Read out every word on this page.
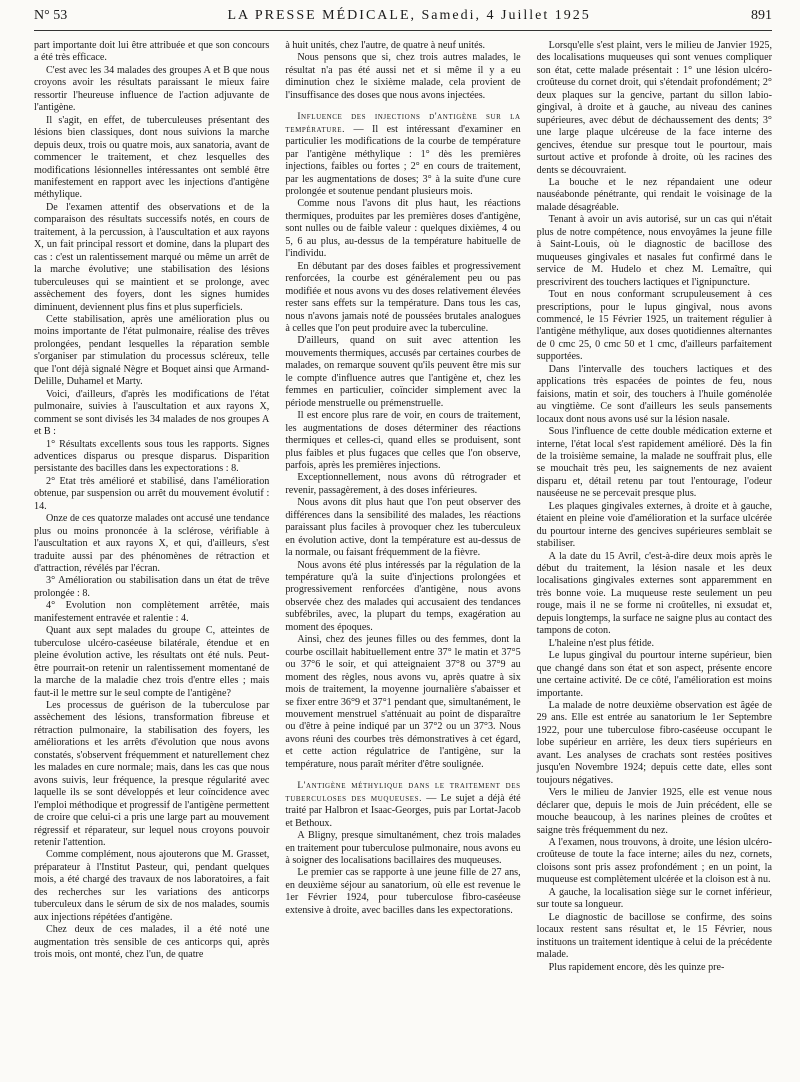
N° 53	LA PRESSE MÉDICALE, Samedi, 4 Juillet 1925	891

part importante doit lui être attribuée et que son concours a été très efficace.

C'est avec les 34 malades des groupes A et B que nous croyons avoir les résultats paraissant le mieux faire ressortir l'heureuse influence de l'action adjuvante de l'antigène.

Il s'agit, en effet, de tuberculeuses présentant des lésions bien classiques, dont nous suivions la marche depuis deux, trois ou quatre mois, aux sanatoria, avant de commencer le traitement, et chez lesquelles des modifications lésionnelles intéressantes ont semblé être manifestement en rapport avec les injections d'antigène méthylique.

De l'examen attentif des observations et de la comparaison des résultats successifs notés, en cours de traitement, à la percussion, à l'auscultation et aux rayons X, un fait principal ressort et domine, dans la plupart des cas : c'est un ralentissement marqué ou même un arrêt de la marche évolutive; une stabilisation des lésions tuberculeuses qui se maintient et se prolonge, avec assèchement des foyers, dont les signes humides diminuent, deviennent plus fins et plus superficiels.

Cette stabilisation, après une amélioration plus ou moins importante de l'état pulmonaire, réalise des trêves prolongées, pendant lesquelles la réparation semble s'organiser par stimulation du processus scléreux, telle que l'ont déjà signalé Nègre et Boquet ainsi que Armand-Delille, Duhamel et Marty.

Voici, d'ailleurs, d'après les modifications de l'état pulmonaire, suivies à l'auscultation et aux rayons X, comment se sont divisés les 34 malades de nos groupes A et B :

1° Résultats excellents sous tous les rapports. Signes adventices disparus ou presque disparus. Disparition persistante des bacilles dans les expectorations : 8.

2° Etat très amélioré et stabilisé, dans l'amélioration obtenue, par suspension ou arrêt du mouvement évolutif : 14.

Onze de ces quatorze malades ont accusé une tendance plus ou moins prononcée à la sclérose, vérifiable à l'auscultation et aux rayons X, et qui, d'ailleurs, s'est traduite aussi par des phénomènes de rétraction et d'attraction, révélés par l'écran.

3° Amélioration ou stabilisation dans un état de trêve prolongée : 8.

4° Evolution non complètement arrêtée, mais manifestement entravée et ralentie : 4.

Quant aux sept malades du groupe C, atteintes de tuberculose ulcéro-caséeuse bilatérale, étendue et en pleine évolution active, les résultats ont été nuls. Peut-être pourrait-on retenir un ralentissement momentané de la marche de la maladie chez trois d'entre elles ; mais faut-il le mettre sur le seul compte de l'antigène?

Les processus de guérison de la tuberculose par assèchement des lésions, transformation fibreuse et rétraction pulmonaire, la stabilisation des foyers, les améliorations et les arrêts d'évolution que nous avons constatés, s'observent fréquemment et naturellement chez les malades en cure normale; mais, dans les cas que nous avons suivis, leur fréquence, la presque régularité avec laquelle ils se sont développés et leur coïncidence avec l'emploi méthodique et progressif de l'antigène permettent de croire que celui-ci a pris une large part au mouvement régressif et réparateur, sur lequel nous croyons pouvoir retenir l'attention.

Comme complément, nous ajouterons que M. Grasset, préparateur à l'Institut Pasteur, qui, pendant quelques mois, a été chargé des travaux de nos laboratoires, a fait des recherches sur les variations des anticorps tuberculeux dans le sérum de six de nos malades, soumis aux injections répétées d'antigène.

Chez deux de ces malades, il a été noté une augmentation très sensible de ces anticorps qui, après trois mois, ont monté, chez l'un, de quatre

à huit unités, chez l'autre, de quatre à neuf unités.

Nous pensons que si, chez trois autres malades, le résultat n'a pas été aussi net et si même il y a eu diminution chez le sixième malade, cela provient de l'insuffisance des doses que nous avons injectées.

Influence des injections d'antigène sur la température. — Il est intéressant d'examiner en particulier les modifications de la courbe de température par l'antigène méthylique : 1° dès les premières injections, faibles ou fortes ; 2° en cours de traitement, par les augmentations de doses; 3° à la suite d'une cure prolongée et soutenue pendant plusieurs mois.

Comme nous l'avons dit plus haut, les réactions thermiques, produites par les premières doses d'antigène, sont nulles ou de faible valeur : quelques dixièmes, 4 ou 5, 6 au plus, au-dessus de la température habituelle de l'individu.

En débutant par des doses faibles et progressivement renforcées, la courbe est généralement peu ou pas modifiée et nous avons vu des doses relativement élevées rester sans effets sur la température. Dans tous les cas, nous n'avons jamais noté de poussées brutales analogues à celles que l'on peut produire avec la tuberculine.

D'ailleurs, quand on suit avec attention les mouvements thermiques, accusés par certaines courbes de malades, on remarque souvent qu'ils peuvent être mis sur le compte d'influence autres que l'antigène et, chez les femmes en particulier, coïncider simplement avec la période menstruelle ou prémenstruelle.

Il est encore plus rare de voir, en cours de traitement, les augmentations de doses déterminer des réactions thermiques et celles-ci, quand elles se produisent, sont plus faibles et plus fugaces que celles que l'on observe, parfois, après les premières injections.

Exceptionnellement, nous avons dû rétrograder et revenir, passagèrement, à des doses inférieures.

Nous avons dit plus haut que l'on peut observer des différences dans la sensibilité des malades, les réactions paraissant plus faciles à provoquer chez les tuberculeux en évolution active, dont la température est au-dessus de la normale, ou faisant fréquemment de la fièvre.

Nous avons été plus intéressés par la régulation de la température qu'à la suite d'injections prolongées et progressivement renforcées d'antigène, nous avons observée chez des malades qui accusaient des tendances subfébriles, avec, la plupart du temps, exagération au moment des époques.

Ainsi, chez des jeunes filles ou des femmes, dont la courbe oscillait habituellement entre 37° le matin et 37°5 ou 37°6 le soir, et qui atteignaient 37°8 ou 37°9 au moment des règles, nous avons vu, après quatre à six mois de traitement, la moyenne journalière s'abaisser et se fixer entre 36°9 et 37°1 pendant que, simultanément, le mouvement menstruel s'atténuait au point de disparaître ou d'être à peine indiqué par un 37°2 ou un 37°3. Nous avons réuni des courbes très démonstratives à cet égard, et cette action régulatrice de l'antigène, sur la température, nous paraît mériter d'être soulignée.

L'antigène méthylique dans le traitement des tuberculoses des muqueuses. — Le sujet a déjà été traité par Halbron et Isaac-Georges, puis par Lortat-Jacob et Bethoux.

A Bligny, presque simultanément, chez trois malades en traitement pour tuberculose pulmonaire, nous avons eu à soigner des localisations bacillaires des muqueuses.

Le premier cas se rapporte à une jeune fille de 27 ans, en deuxième séjour au sanatorium, où elle est revenue le 1er Février 1924, pour tuberculose fibro-caséeuse extensive à droite, avec bacilles dans les expectorations.

Lorsqu'elle s'est plaint, vers le milieu de Janvier 1925, des localisations muqueuses qui sont venues compliquer son état, cette malade présentait : 1° une lésion ulcéro-croûteuse du cornet droit, qui s'étendait profondément; 2° deux plaques sur la gencive, partant du sillon labio-gingival, à droite et à gauche, au niveau des canines supérieures, avec début de déchaussement des dents; 3° une large plaque ulcéreuse de la face interne des gencives, étendue sur presque tout le pourtour, mais surtout active et profonde à droite, où les racines des dents se découvraient.

La bouche et le nez répandaient une odeur nauséabonde pénétrante, qui rendait le voisinage de la malade désagréable.

Tenant à avoir un avis autorisé, sur un cas qui n'était plus de notre compétence, nous envoyâmes la jeune fille à Saint-Louis, où le diagnostic de bacillose des muqueuses gingivales et nasales fut confirmé dans le service de M. Hudelo et chez M. Lemaître, qui prescrivirent des touchers lactiques et l'ignipuncture.

Tout en nous conformant scrupuleusement à ces prescriptions, pour le lupus gingival, nous avons commencé, le 15 Février 1925, un traitement régulier à l'antigène méthylique, aux doses quotidiennes alternantes de 0 cmc 25, 0 cmc 50 et 1 cmc, d'ailleurs parfaitement supportées.

Dans l'intervalle des touchers lactiques et des applications très espacées de pointes de feu, nous faisions, matin et soir, des touchers à l'huile goménolée au vingtième. Ce sont d'ailleurs les seuls pansements locaux dont nous avons usé sur la lésion nasale.

Sous l'influence de cette double médication externe et interne, l'état local s'est rapidement amélioré. Dès la fin de la troisième semaine, la malade ne souffrait plus, elle se mouchait très peu, les saignements de nez avaient disparu et, détail retenu par tout l'entourage, l'odeur nauséeuse ne se percevait presque plus.

Les plaques gingivales externes, à droite et à gauche, étaient en pleine voie d'amélioration et la surface ulcérée du pourtour interne des gencives supérieures semblait se stabiliser.

A la date du 15 Avril, c'est-à-dire deux mois après le début du traitement, la lésion nasale et les deux localisations gingivales externes sont apparemment en très bonne voie. La muqueuse reste seulement un peu rouge, mais il ne se forme ni croûtelles, ni exsudat et, depuis longtemps, la surface ne saigne plus au contact des tampons de coton.

L'haleine n'est plus fétide.

Le lupus gingival du pourtour interne supérieur, bien que changé dans son état et son aspect, présente encore une certaine activité. De ce côté, l'amélioration est moins importante.

La malade de notre deuxième observation est âgée de 29 ans. Elle est entrée au sanatorium le 1er Septembre 1922, pour une tuberculose fibro-caséeuse occupant le lobe supérieur en arrière, les deux tiers supérieurs en avant. Les analyses de crachats sont restées positives jusqu'en Novembre 1924; depuis cette date, elles sont toujours négatives.

Vers le milieu de Janvier 1925, elle est venue nous déclarer que, depuis le mois de Juin précédent, elle se mouche beaucoup, à les narines pleines de croûtes et saigne très fréquemment du nez.

A l'examen, nous trouvons, à droite, une lésion ulcéro-croûteuse de toute la face interne; ailes du nez, cornets, cloisons sont pris assez profondément ; en un point, la muqueuse est complètement ulcérée et la cloison est à nu.

A gauche, la localisation siège sur le cornet inférieur, sur toute sa longueur.

Le diagnostic de bacillose se confirme, des soins locaux restent sans résultat et, le 15 Février, nous instituons un traitement identique à celui de la précédente malade.

Plus rapidement encore, dès les quinze pre-
